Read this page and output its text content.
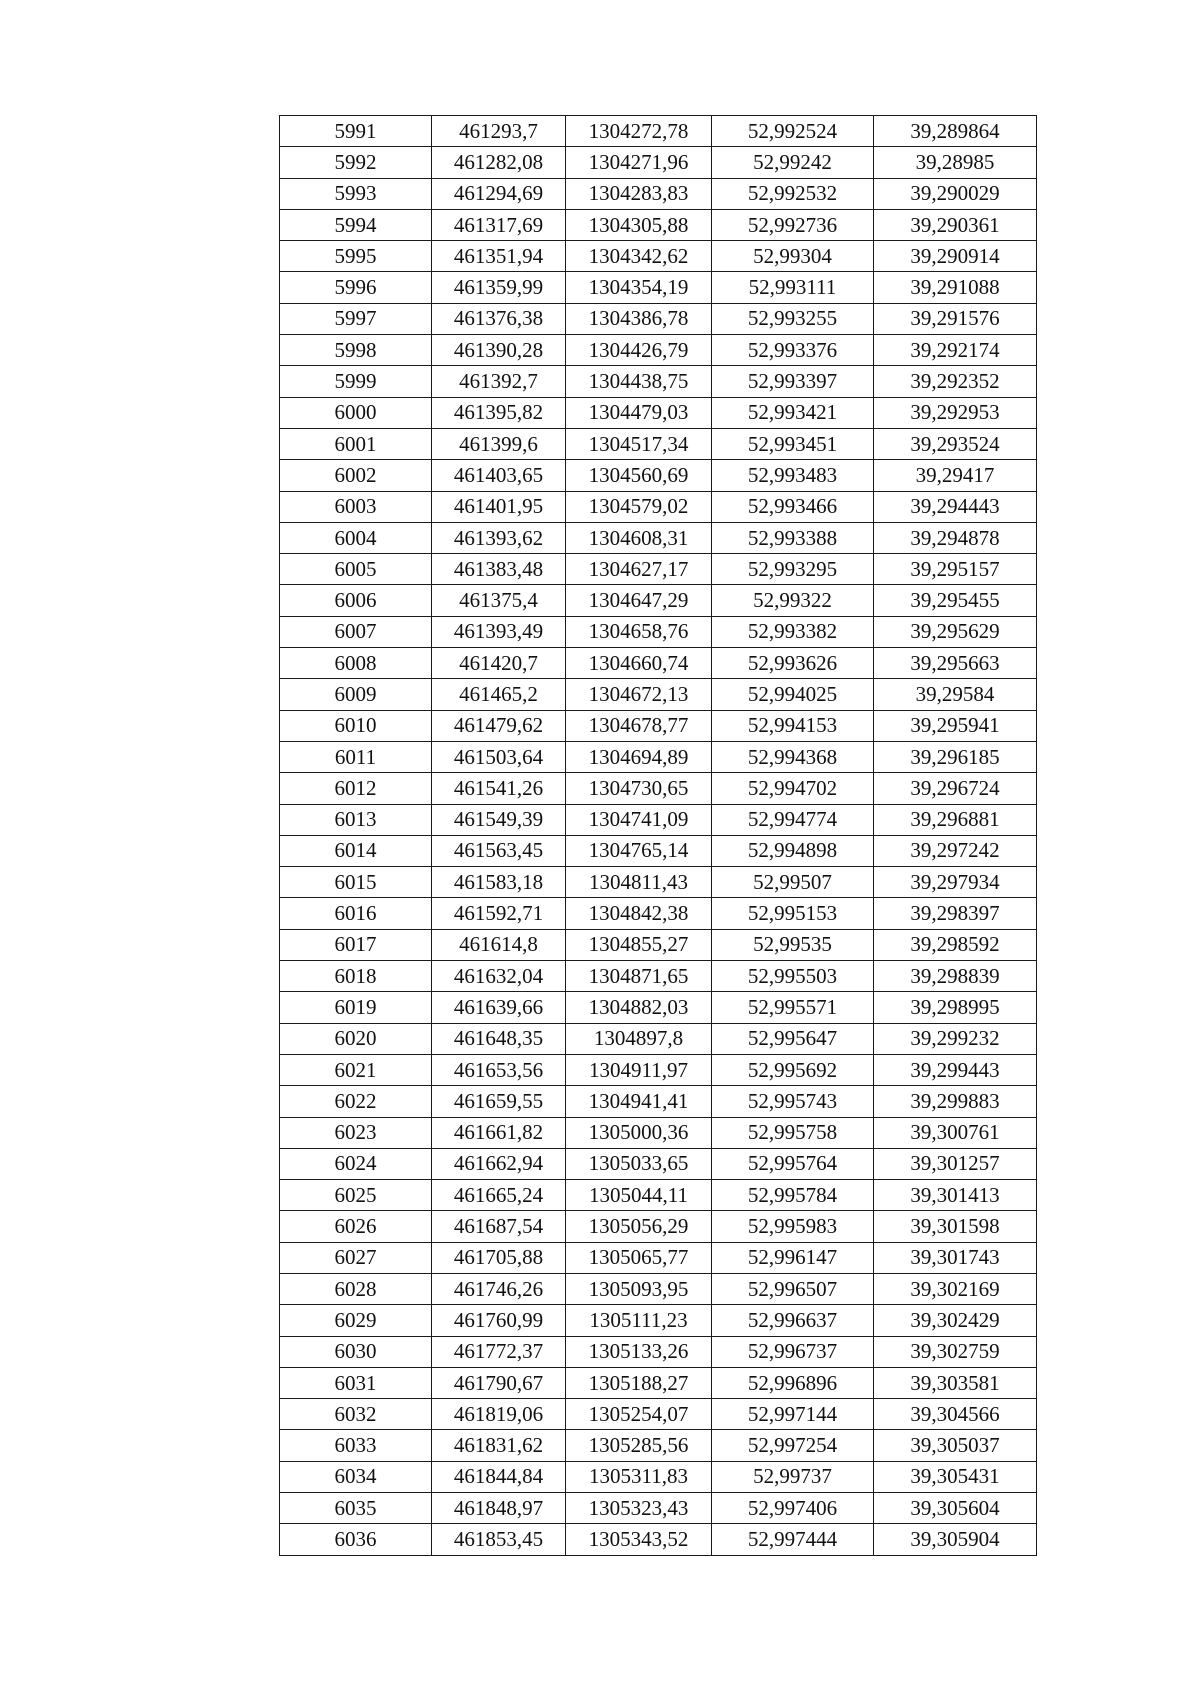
5991	461293,7	1304272,78	52,992524	39,289864
5992	461282,08	1304271,96	52,99242	39,28985
5993	461294,69	1304283,83	52,992532	39,290029
5994	461317,69	1304305,88	52,992736	39,290361
5995	461351,94	1304342,62	52,99304	39,290914
5996	461359,99	1304354,19	52,993111	39,291088
5997	461376,38	1304386,78	52,993255	39,291576
5998	461390,28	1304426,79	52,993376	39,292174
5999	461392,7	1304438,75	52,993397	39,292352
6000	461395,82	1304479,03	52,993421	39,292953
6001	461399,6	1304517,34	52,993451	39,293524
6002	461403,65	1304560,69	52,993483	39,29417
6003	461401,95	1304579,02	52,993466	39,294443
6004	461393,62	1304608,31	52,993388	39,294878
6005	461383,48	1304627,17	52,993295	39,295157
6006	461375,4	1304647,29	52,99322	39,295455
6007	461393,49	1304658,76	52,993382	39,295629
6008	461420,7	1304660,74	52,993626	39,295663
6009	461465,2	1304672,13	52,994025	39,29584
6010	461479,62	1304678,77	52,994153	39,295941
6011	461503,64	1304694,89	52,994368	39,296185
6012	461541,26	1304730,65	52,994702	39,296724
6013	461549,39	1304741,09	52,994774	39,296881
6014	461563,45	1304765,14	52,994898	39,297242
6015	461583,18	1304811,43	52,99507	39,297934
6016	461592,71	1304842,38	52,995153	39,298397
6017	461614,8	1304855,27	52,99535	39,298592
6018	461632,04	1304871,65	52,995503	39,298839
6019	461639,66	1304882,03	52,995571	39,298995
6020	461648,35	1304897,8	52,995647	39,299232
6021	461653,56	1304911,97	52,995692	39,299443
6022	461659,55	1304941,41	52,995743	39,299883
6023	461661,82	1305000,36	52,995758	39,300761
6024	461662,94	1305033,65	52,995764	39,301257
6025	461665,24	1305044,11	52,995784	39,301413
6026	461687,54	1305056,29	52,995983	39,301598
6027	461705,88	1305065,77	52,996147	39,301743
6028	461746,26	1305093,95	52,996507	39,302169
6029	461760,99	1305111,23	52,996637	39,302429
6030	461772,37	1305133,26	52,996737	39,302759
6031	461790,67	1305188,27	52,996896	39,303581
6032	461819,06	1305254,07	52,997144	39,304566
6033	461831,62	1305285,56	52,997254	39,305037
6034	461844,84	1305311,83	52,99737	39,305431
6035	461848,97	1305323,43	52,997406	39,305604
6036	461853,45	1305343,52	52,997444	39,305904
